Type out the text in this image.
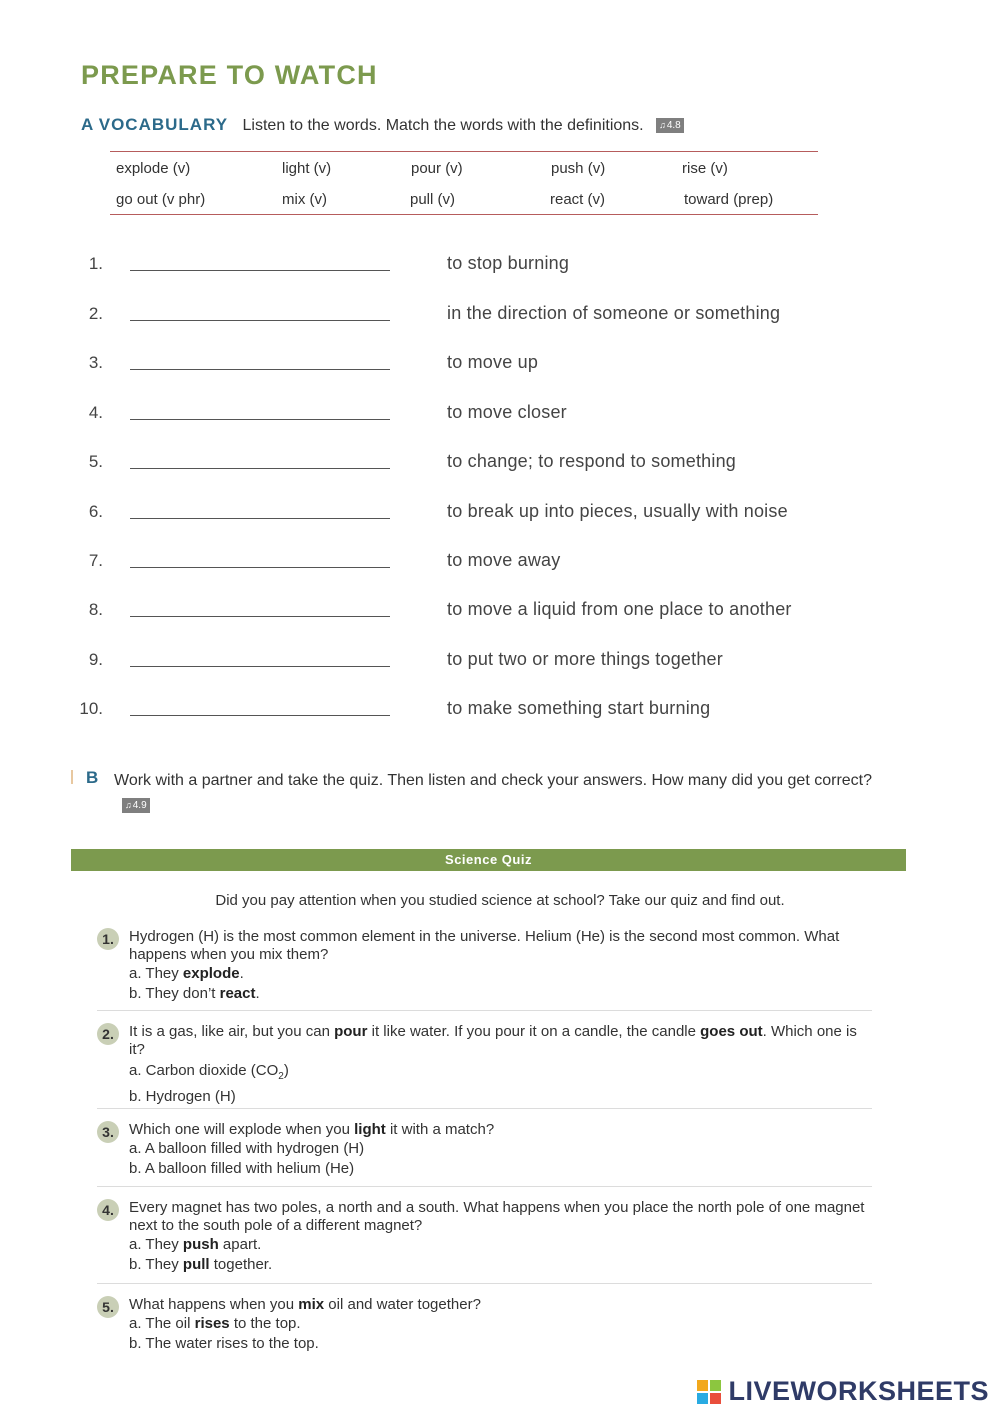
PREPARE TO WATCH
A VOCABULARY Listen to the words. Match the words with the definitions. ♫4.8
explode (v)	light (v)	pour (v)	push (v)	rise (v)
go out (v phr)	mix (v)	pull (v)	react (v)	toward (prep)
1.	to stop burning
2.	in the direction of someone or something
3.	to move up
4.	to move closer
5.	to change; to respond to something
6.	to break up into pieces, usually with noise
7.	to move away
8.	to move a liquid from one place to another
9.	to put two or more things together
10.	to make something start burning
B Work with a partner and take the quiz. Then listen and check your answers. How many did you get correct? ♫4.9
Science Quiz
Did you pay attention when you studied science at school? Take our quiz and find out.
1.	Hydrogen (H) is the most common element in the universe. Helium (He) is the second most common. What happens when you mix them?
a. They explode.
b. They don’t react.
2.	It is a gas, like air, but you can pour it like water. If you pour it on a candle, the candle goes out. Which one is it?
a. Carbon dioxide $(CO_2)$
b. Hydrogen (H)
3.	Which one will explode when you light it with a match?
a. A balloon filled with hydrogen (H)
b. A balloon filled with helium (He)
4.	Every magnet has two poles, a north and a south. What happens when you place the north pole of one magnet next to the south pole of a different magnet?
a. They push apart.
b. They pull together.
5.	What happens when you mix oil and water together?
a. The oil rises to the top.
b. The water rises to the top.
LIVEWORKSHEETS
